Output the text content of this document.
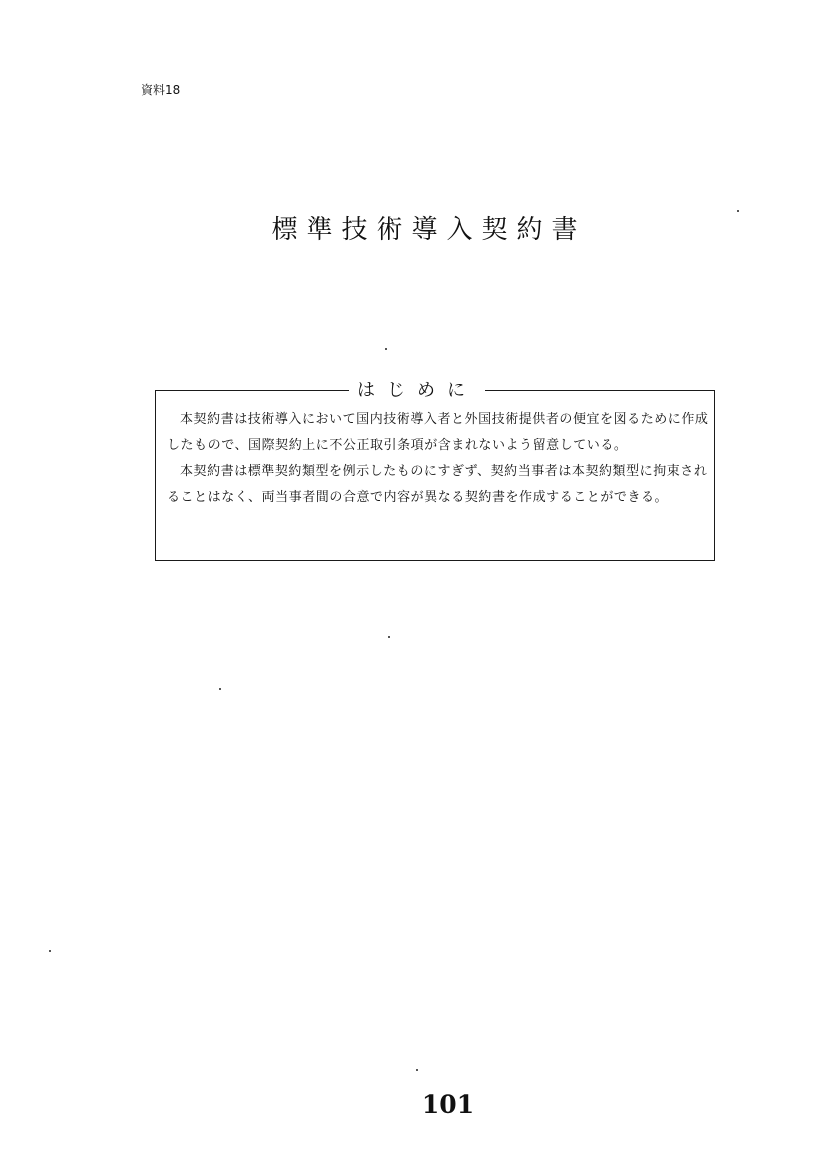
資料18
標準技術導入契約書
はじめに

本契約書は技術導入において国内技術導入者と外国技術提供者の便宜を図るために作成したもので、国際契約上に不公正取引条項が含まれないよう留意している。

本契約書は標準契約類型を例示したものにすぎず、契約当事者は本契約類型に拘束されることはなく、両当事者間の合意で内容が異なる契約書を作成することができる。

101
